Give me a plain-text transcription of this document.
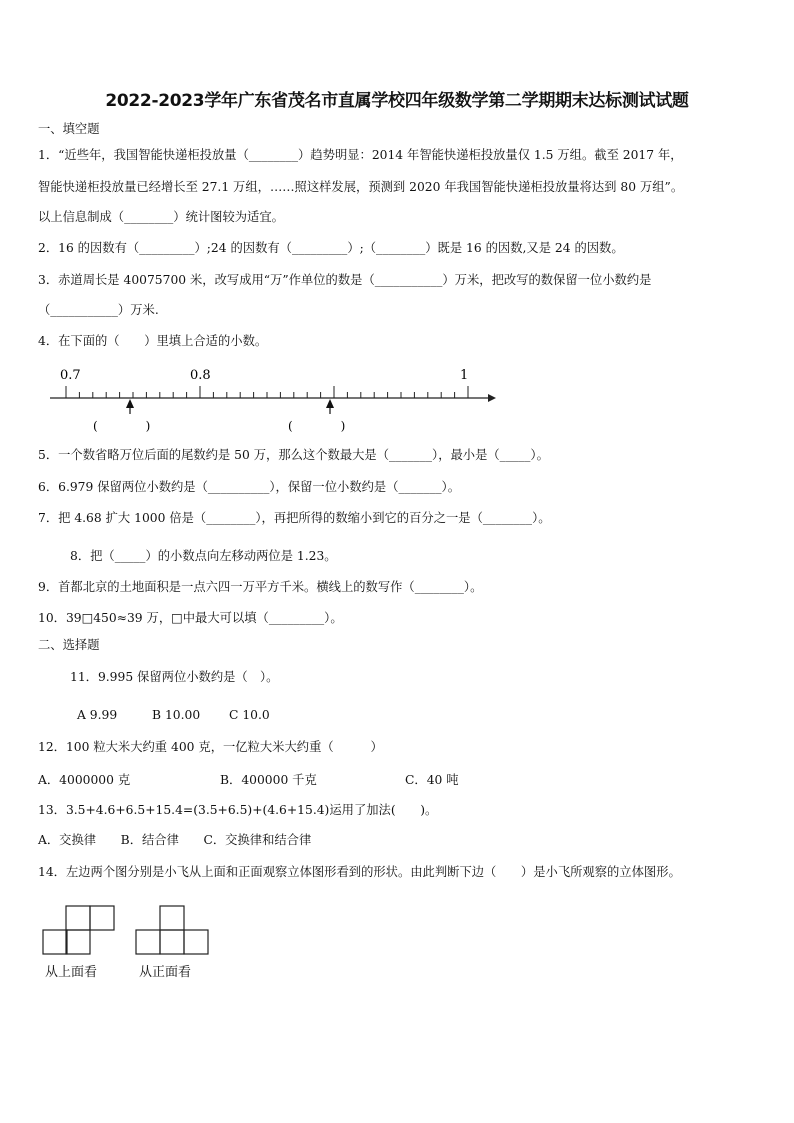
2022-2023学年广东省茂名市直属学校四年级数学第二学期期末达标测试试题
一、填空题
1．“近些年，我国智能快递柜投放量（________）趋势明显：2014 年智能快递柜投放量仅 1.5 万组。截至 2017 年，
智能快递柜投放量已经增长至 27.1 万组，……照这样发展，预测到 2020 年我国智能快递柜投放量将达到 80 万组”。
以上信息制成（________）统计图较为适宜。
2．16 的因数有（_________）;24 的因数有（_________）;（________）既是 16 的因数,又是 24 的因数。
3．赤道周长是 40075700 米，改写成用“万”作单位的数是（___________）万米，把改写的数保留一位小数约是
（___________）万米.
4．在下面的（　　）里填上合适的小数。
0.7	0.8	1
(　　　　)	(　　　　)
5．一个数省略万位后面的尾数约是 50 万，那么这个数最大是（_______），最小是（_____）。
6．6.979 保留两位小数约是（__________），保留一位小数约是（_______）。
7．把 4.68 扩大 1000 倍是（________），再把所得的数缩小到它的百分之一是（________）。
8．把（_____）的小数点向左移动两位是 1.23。
9．首都北京的土地面积是一点六四一万平方千米。横线上的数写作（________）。
10．39□450≈39 万，□中最大可以填（_________）。
二、选择题
11．9.995 保留两位小数约是（　）。
A 9.99	B 10.00 C 10.0
12．100 粒大米大约重 400 克，一亿粒大米大约重（　　　）
A．4000000 克	B．400000 千克	C．40 吨
13．3.5+4.6+6.5+15.4=(3.5+6.5)+(4.6+15.4)运用了加法(　　)。
A．交换律　　B．结合律　　C．交换律和结合律
14．左边两个图分别是小飞从上面和正面观察立体图形看到的形状。由此判断下边（　　）是小飞所观察的立体图形。
从上面看	从正面看
